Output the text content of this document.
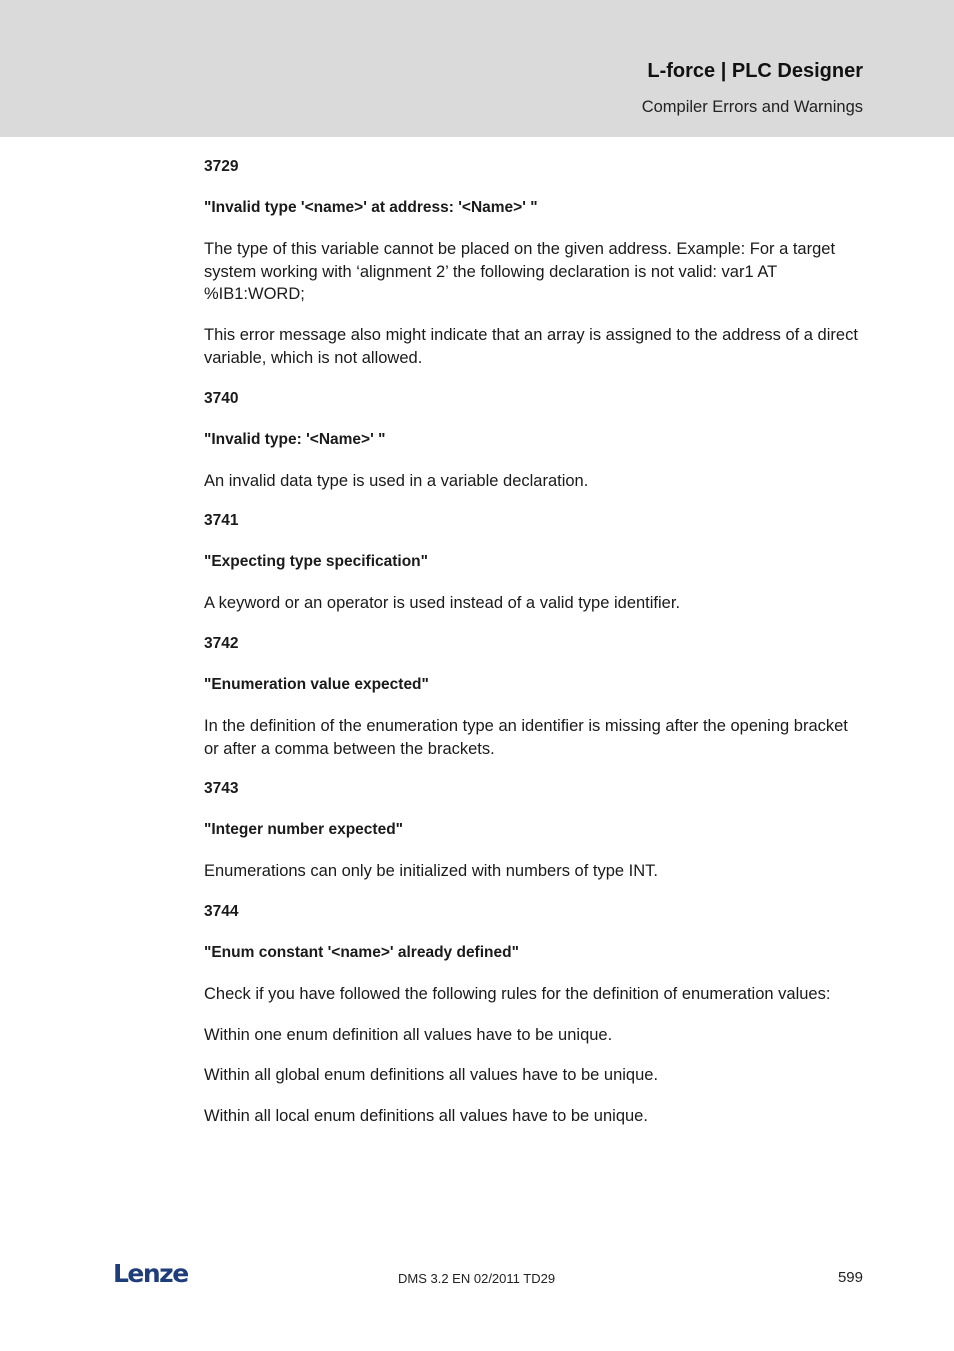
L-force | PLC Designer
Compiler Errors and Warnings
3729
"Invalid type '<name>' at address: '<Name>' "

The type of this variable cannot be placed on the given address. Example: For a target system working with ‘alignment 2’ the following declaration is not valid: var1 AT %IB1:WORD;

This error message also might indicate that an array is assigned to the address of a direct variable, which is not allowed.

3740
"Invalid type: '<Name>' "

An invalid data type is used in a variable declaration.

3741
"Expecting type specification"

A keyword or an operator is used instead of a valid type identifier.

3742
"Enumeration value expected"

In the definition of the enumeration type an identifier is missing after the opening bracket or after a comma between the brackets.

3743
"Integer number expected"

Enumerations can only be initialized with numbers of type INT.

3744
"Enum constant '<name>' already defined"

Check if you have followed the following rules for the definition of enumeration values:

Within one enum definition all values have to be unique.

Within all global enum definitions all values have to be unique.

Within all local enum definitions all values have to be unique.

Lenze	DMS 3.2 EN 02/2011 TD29	599
